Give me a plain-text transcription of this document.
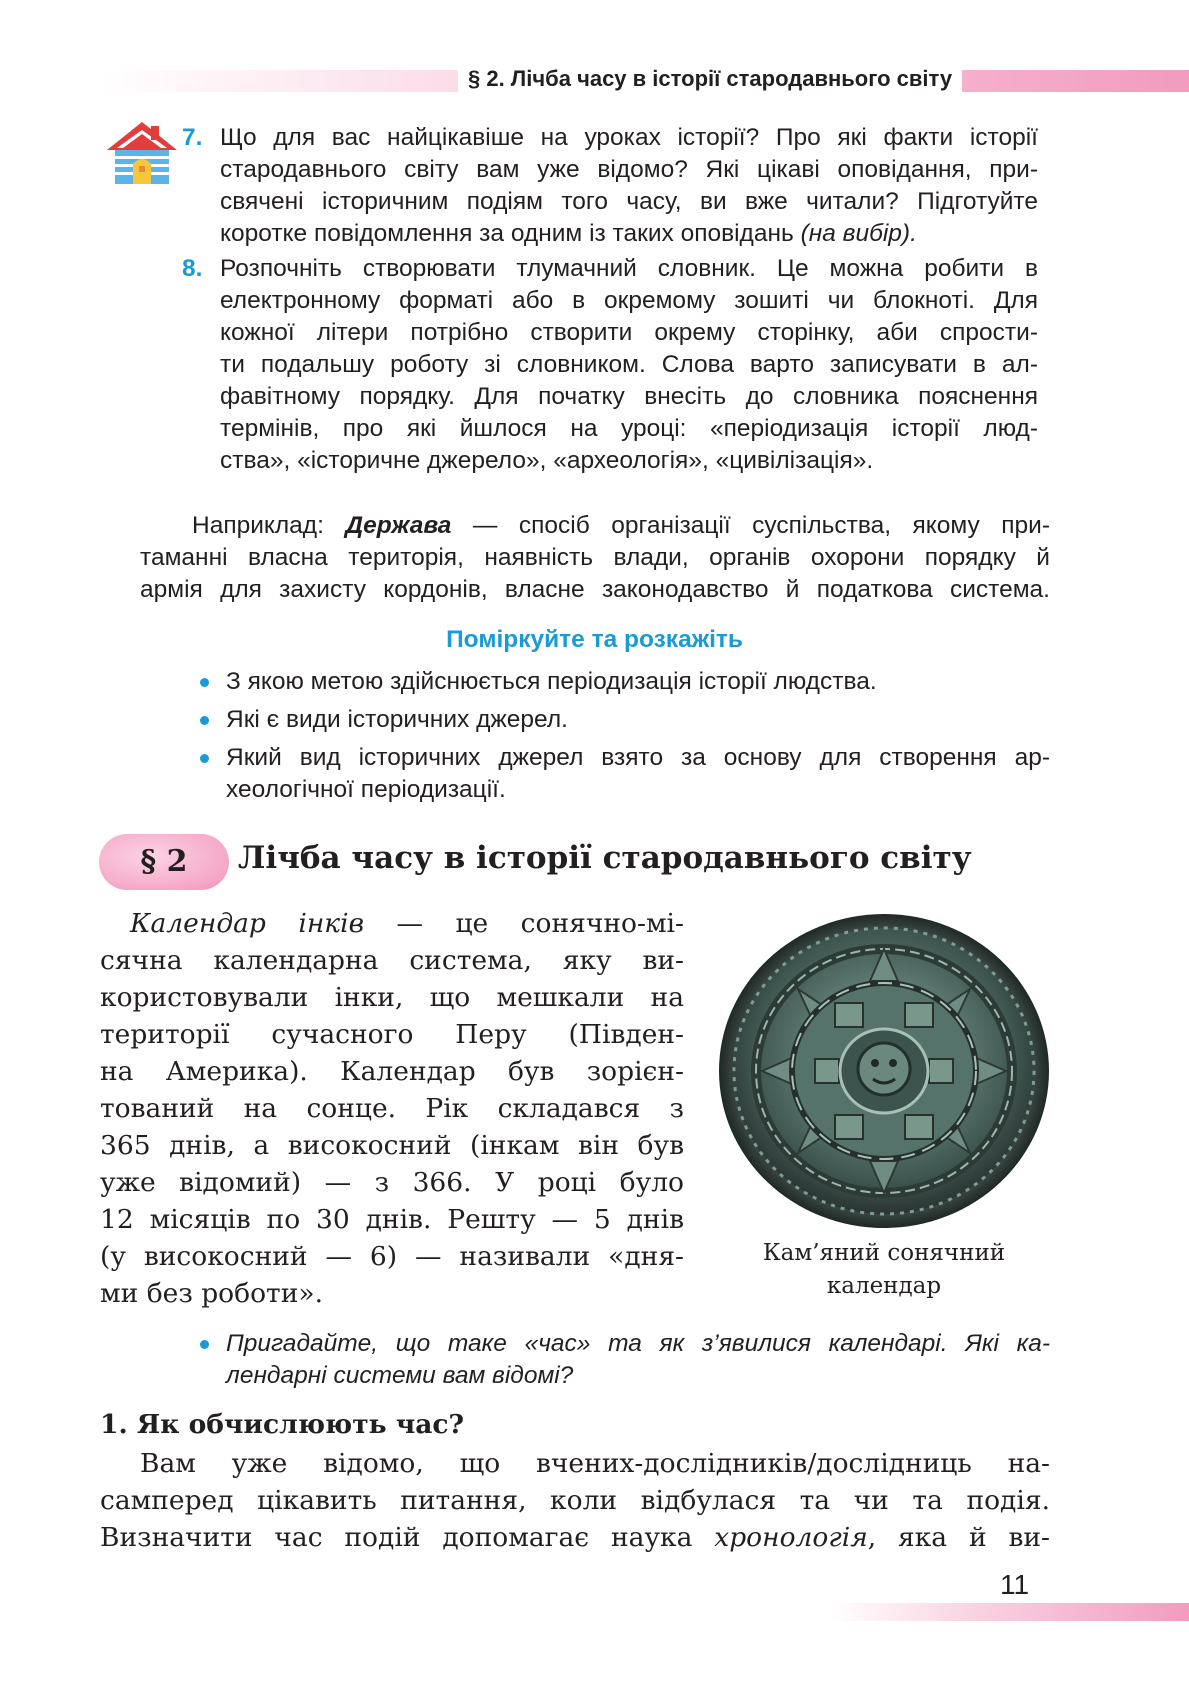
§ 2. Лічба часу в історії стародавнього світу
7. Що для вас найцікавіше на уроках історії? Про які факти історії
стародавнього світу вам уже відомо? Які цікаві оповідання, при-
свячені історичним подіям того часу, ви вже читали? Підготуйте
коротке повідомлення за одним із таких оповідань (на вибір).
8. Розпочніть створювати тлумачний словник. Це можна робити в
електронному форматі або в окремому зошиті чи блокноті. Для
кожної літери потрібно створити окрему сторінку, аби спрости-
ти подальшу роботу зі словником. Слова варто записувати в ал-
фавітному порядку. Для початку внесіть до словника пояснення
термінів, про які йшлося на уроці: «періодизація історії люд-
ства», «історичне джерело», «археологія», «цивілізація».
Наприклад: Держава — спосіб організації суспільства, якому при-
таманні власна територія, наявність влади, органів охорони порядку й
армія для захисту кордонів, власне законодавство й податкова система.
Поміркуйте та розкажіть
З якою метою здійснюється періодизація історії людства.
Які є види історичних джерел.
Який вид історичних джерел взято за основу для створення ар-
хеологічної періодизації.
§ 2	Лічба часу в історії стародавнього світу
Календар інків — це сонячно-мі-
сячна календарна система, яку ви-
користовували інки, що мешкали на
території сучасного Перу (Півден-
на Америка). Календар був зорієн-
тований на сонце. Рік складався з
365 днів, а високосний (інкам він був
уже відомий) — з 366. У році було
12 місяців по 30 днів. Решту — 5 днів
(у високосний — 6) — називали «дня-
ми без роботи».
Кам’яний сонячний
календар
Пригадайте, що таке «час» та як з’явилися календарі. Які ка-
лендарні системи вам відомі?
1. Як обчислюють час?
Вам уже відомо, що вчених-дослідників/дослідниць на-
самперед цікавить питання, коли відбулася та чи та подія.
Визначити час подій допомагає наука хронологія, яка й ви-
11
